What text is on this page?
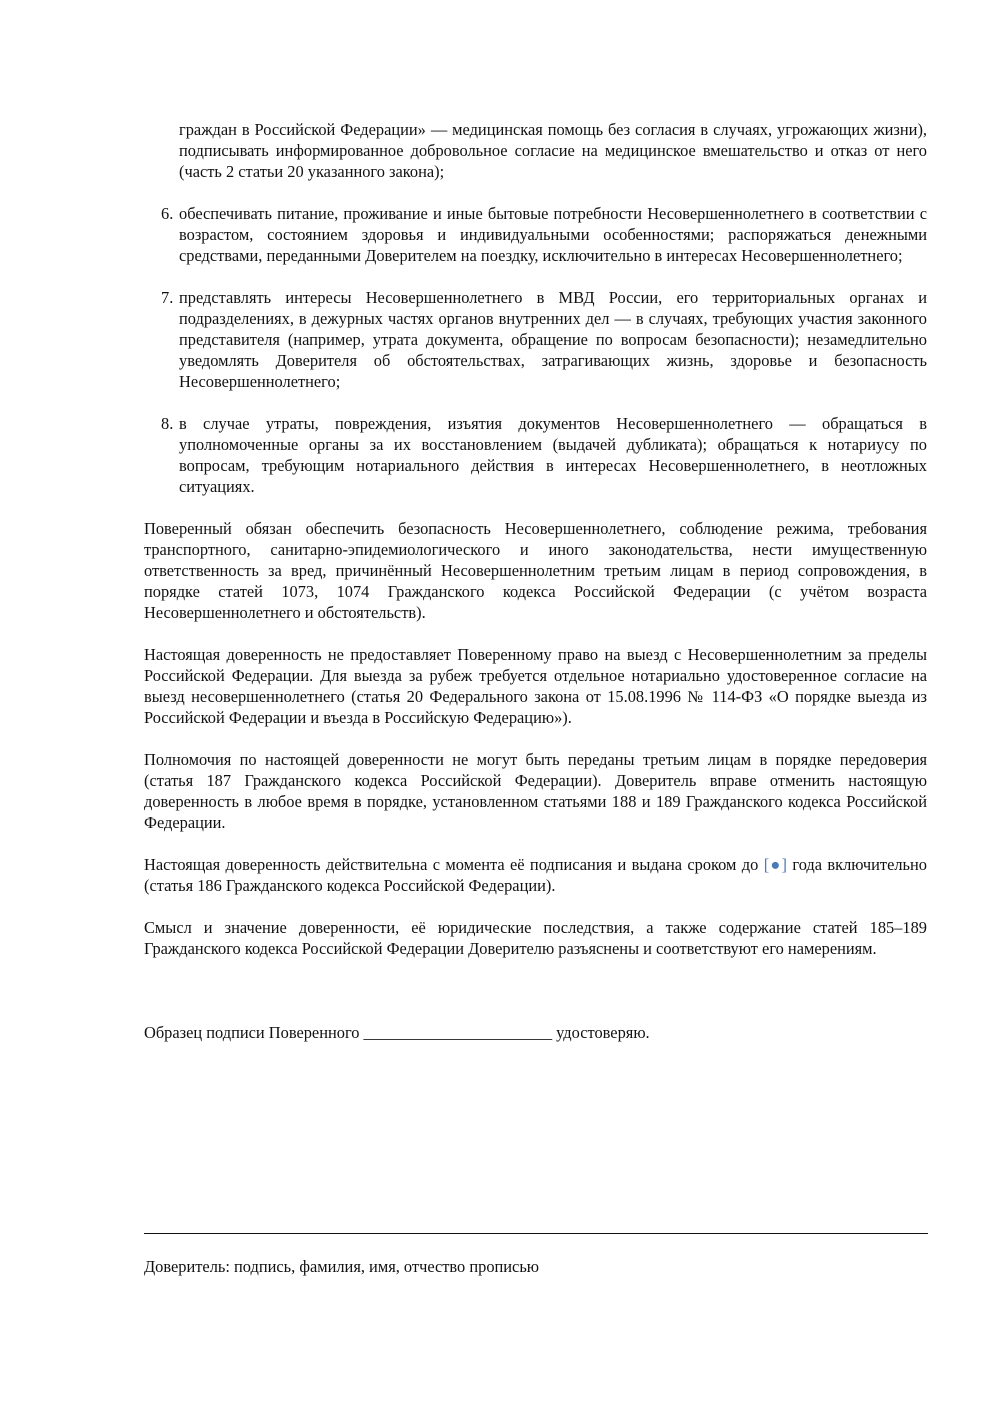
граждан в Российской Федерации» — медицинская помощь без согласия в случаях, угрожающих жизни), подписывать информированное добровольное согласие на медицинское вмешательство и отказ от него (часть 2 статьи 20 указанного закона);
6. обеспечивать питание, проживание и иные бытовые потребности Несовершеннолетнего в соответствии с возрастом, состоянием здоровья и индивидуальными особенностями; распоряжаться денежными средствами, переданными Доверителем на поездку, исключительно в интересах Несовершеннолетнего;
7. представлять интересы Несовершеннолетнего в МВД России, его территориальных органах и подразделениях, в дежурных частях органов внутренних дел — в случаях, требующих участия законного представителя (например, утрата документа, обращение по вопросам безопасности); незамедлительно уведомлять Доверителя об обстоятельствах, затрагивающих жизнь, здоровье и безопасность Несовершеннолетнего;
8. в случае утраты, повреждения, изъятия документов Несовершеннолетнего — обращаться в уполномоченные органы за их восстановлением (выдачей дубликата); обращаться к нотариусу по вопросам, требующим нотариального действия в интересах Несовершеннолетнего, в неотложных ситуациях.

Поверенный обязан обеспечить безопасность Несовершеннолетнего, соблюдение режима, требования транспортного, санитарно-эпидемиологического и иного законодательства, нести имущественную ответственность за вред, причинённый Несовершеннолетним третьим лицам в период сопровождения, в порядке статей 1073, 1074 Гражданского кодекса Российской Федерации (с учётом возраста Несовершеннолетнего и обстоятельств).

Настоящая доверенность не предоставляет Поверенному право на выезд с Несовершеннолетним за пределы Российской Федерации. Для выезда за рубеж требуется отдельное нотариально удостоверенное согласие на выезд несовершеннолетнего (статья 20 Федерального закона от 15.08.1996 № 114-ФЗ «О порядке выезда из Российской Федерации и въезда в Российскую Федерацию»).

Полномочия по настоящей доверенности не могут быть переданы третьим лицам в порядке передоверия (статья 187 Гражданского кодекса Российской Федерации). Доверитель вправе отменить настоящую доверенность в любое время в порядке, установленном статьями 188 и 189 Гражданского кодекса Российской Федерации.

Настоящая доверенность действительна с момента её подписания и выдана сроком до [●] года включительно (статья 186 Гражданского кодекса Российской Федерации).

Смысл и значение доверенности, её юридические последствия, а также содержание статей 185–189 Гражданского кодекса Российской Федерации Доверителю разъяснены и соответствуют его намерениям.

Образец подписи Поверенного _______________________ удостоверяю.

Доверитель: подпись, фамилия, имя, отчество прописью
